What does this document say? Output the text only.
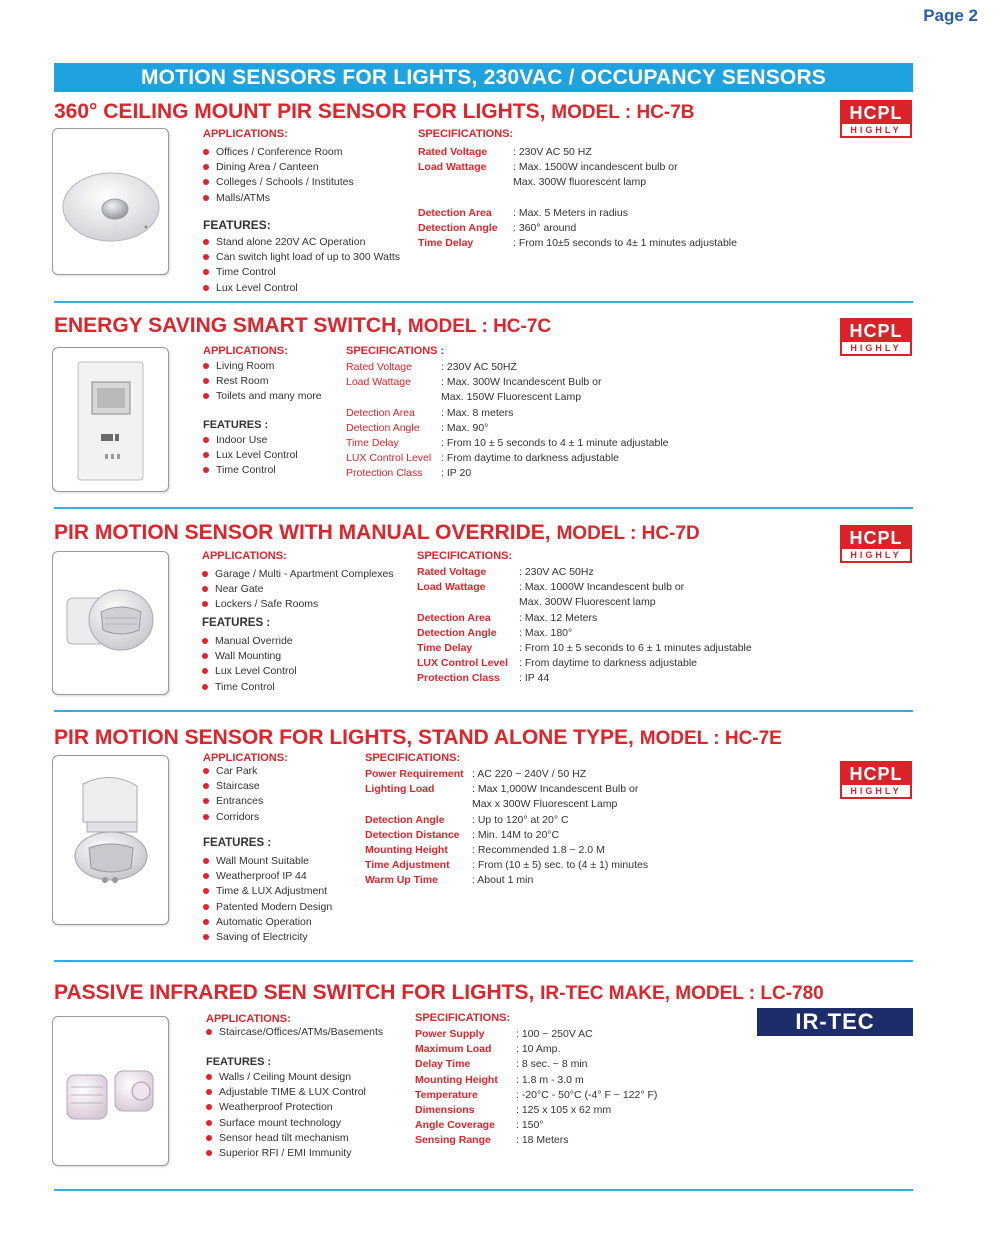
Page 2
MOTION SENSORS FOR LIGHTS, 230VAC / OCCUPANCY SENSORS
360° CEILING MOUNT PIR SENSOR FOR LIGHTS, MODEL : HC-7B	HCPL
HIGHLY
APPLICATIONS:
Offices / Conference Room
Dining Area / Canteen
Colleges / Schools / Institutes
Malls/ATMs
FEATURES:
Stand alone 220V AC Operation
Can switch light load of up to 300 Watts
Time Control
Lux Level Control
SPECIFICATIONS:
Rated Voltage : 230V AC 50 HZ
Load Wattage	: Max. 1500W incandescent bulb or
Max. 300W fluorescent lamp
Detection Area : Max. 5 Meters in radius
Detection Angle : 360° around
Time Delay	: From 10±5 seconds to 4± 1 minutes adjustable
ENERGY SAVING SMART SWITCH, MODEL : HC-7C	HCPL
HIGHLY
APPLICATIONS:
Living Room
Rest Room
Toilets and many more
FEATURES :
Indoor Use
Lux Level Control
Time Control
SPECIFICATIONS :
Rated Voltage	: 230V AC 50HZ
Load Wattage	: Max. 300W Incandescent Bulb or
Max. 150W Fluorescent Lamp
Detection Area : Max. 8 meters
Detection Angle : Max. 90°
Time Delay	: From 10 ± 5 seconds to 4 ± 1 minute adjustable
LUX Control Level : From daytime to darkness adjustable
Protection Class : IP 20
PIR MOTION SENSOR WITH MANUAL OVERRIDE, MODEL : HC-7D	HCPL
HIGHLY
APPLICATIONS:
Garage / Multi - Apartment Complexes
Near Gate
Lockers / Safe Rooms
FEATURES :
Manual Override
Wall Mounting
Lux Level Control
Time Control
SPECIFICATIONS:
Rated Voltage	: 230V AC 50Hz
Load Wattage	: Max. 1000W Incandescent bulb or
Max. 300W Fluorescent lamp
Detection Area	: Max. 12 Meters
Detection Angle : Max. 180°
Time Delay	: From 10 ± 5 seconds to 6 ± 1 minutes adjustable
LUX Control Level : From daytime to darkness adjustable
Protection Class : IP 44
PIR MOTION SENSOR FOR LIGHTS, STAND ALONE TYPE, MODEL : HC-7E
HCPL
HIGHLY
APPLICATIONS:
Car Park
Staircase
Entrances
Corridors
FEATURES :
Wall Mount Suitable
Weatherproof IP 44
Time & LUX Adjustment
Patented Modern Design
Automatic Operation
Saving of Electricity
SPECIFICATIONS:
Power Requirement : AC 220 ~ 240V / 50 HZ
Lighting Load	: Max 1,000W Incandescent Bulb or
Max x 300W Fluorescent Lamp
Detection Angle	: Up to 120° at 20° C
Detection Distance : Min. 14M to 20°C
Mounting Height : Recommended 1.8 ~ 2.0 M
Time Adjustment : From (10 ± 5) sec. to (4 ± 1) minutes
Warm Up Time	: About 1 min
PASSIVE INFRARED SEN SWITCH FOR LIGHTS, IR-TEC MAKE, MODEL : LC-780
IR-TEC
APPLICATIONS:
Staircase/Offices/ATMs/Basements
FEATURES :
Walls / Ceiling Mount design
Adjustable TIME & LUX Control
Weatherproof Protection
Surface mount technology
Sensor head tilt mechanism
Superior RFI / EMI Immunity
SPECIFICATIONS:
Power Supply	: 100 ~ 250V AC
Maximum Load : 10 Amp.
Delay Time	: 8 sec. ~ 8 min
Mounting Height : 1.8 m - 3.0 m
Temperature	: -20°C - 50°C (-4° F ~ 122° F)
Dimensions	: 125 x 105 x 62 mm
Angle Coverage : 150°
Sensing Range : 18 Meters
